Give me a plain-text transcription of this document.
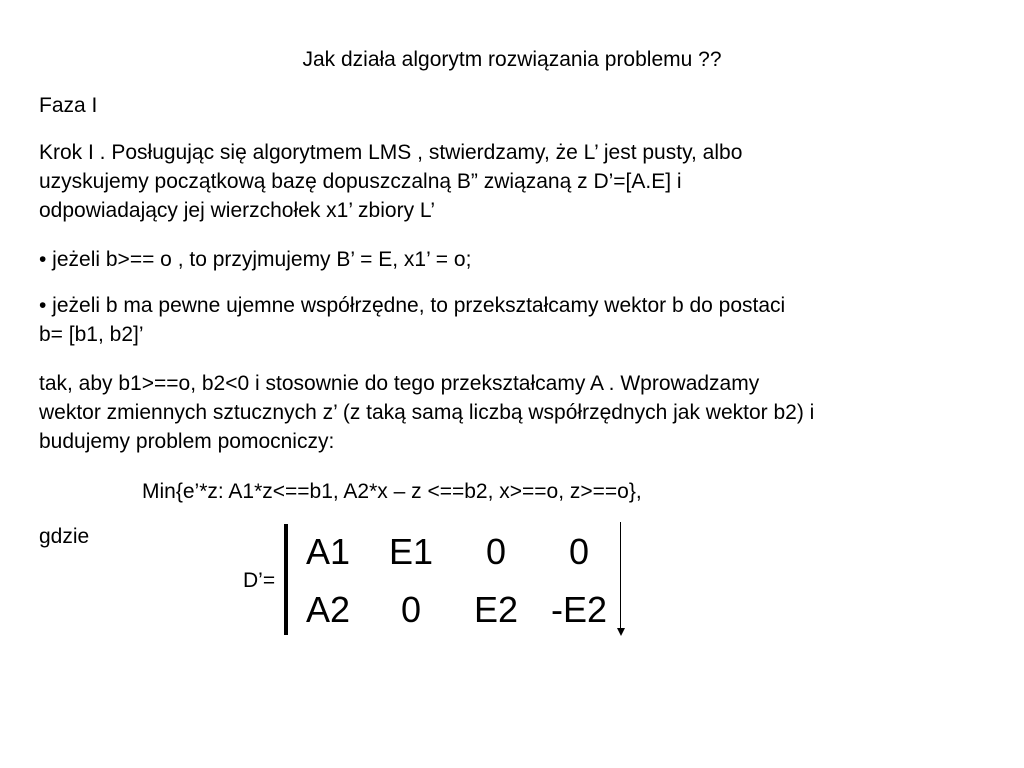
Jak działa algorytm rozwiązania problemu ??
Faza I
Krok I . Posługując się algorytmem LMS , stwierdzamy, że L’ jest pusty, albo
uzyskujemy początkową bazę dopuszczalną B” związaną z D’=[A.E] i
odpowiadający jej wierzchołek x1’ zbiory L’
• jeżeli b>== o , to przyjmujemy B’ = E, x1’ = o;
• jeżeli b ma pewne ujemne współrzędne, to przekształcamy wektor b do postaci
b= [b1, b2]’
tak, aby b1>==o, b2<0 i stosownie do tego przekształcamy A . Wprowadzamy
wektor zmiennych sztucznych z’ (z taką samą liczbą współrzędnych jak wektor b2) i
budujemy problem pomocniczy:
Min{e’*z: A1*z<==b1, A2*x – z <==b2, x>==o, z>==o},
gdzie
D’=
A1 E1 0 0
A2 0 E2 -E2
